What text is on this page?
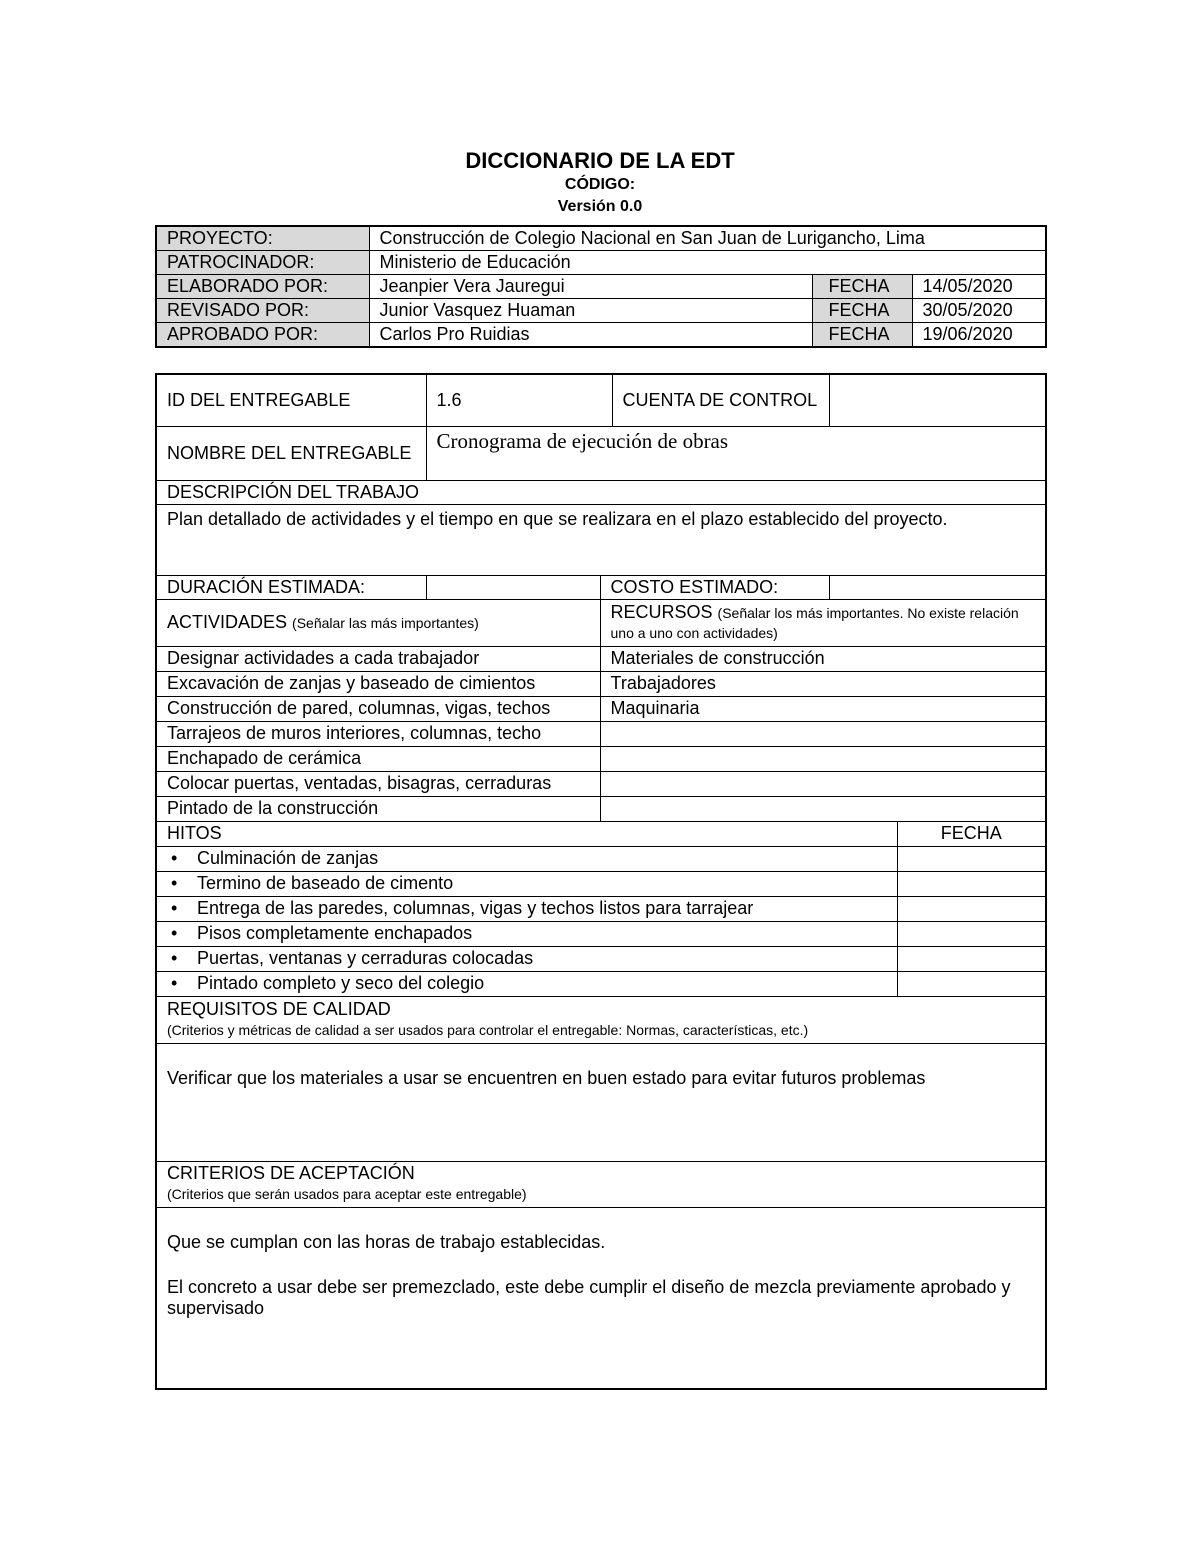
DICCIONARIO DE LA EDT
CÓDIGO:
Versión 0.0
PROYECTO:	Construcción de Colegio Nacional en San Juan de Lurigancho, Lima		
PATROCINADOR:	Ministerio de Educación		
ELABORADO POR:	Jeanpier Vera Jauregui	FECHA	14/05/2020
REVISADO POR:	Junior Vasquez Huaman	FECHA	30/05/2020
APROBADO POR:	Carlos Pro Ruidias	FECHA	19/06/2020
ID DEL ENTREGABLE	1.6		CUENTA DE CONTROL		
NOMBRE DEL ENTREGABLE	Cronograma de ejecución de obras				
DESCRIPCIÓN DEL TRABAJO					
Plan detallado de actividades y el tiempo en que se realizara en el plazo establecido del proyecto.					
DURACIÓN ESTIMADA:		COSTO ESTIMADO:			
ACTIVIDADES (Señalar las más importantes)		RECURSOS (Señalar los más importantes. No existe relación uno a uno con actividades)			
Designar actividades a cada trabajador		Materiales de construcción			
Excavación de zanjas y baseado de cimientos		Trabajadores			
Construcción de pared, columnas, vigas, techos		Maquinaria			
Tarrajeos de muros interiores, columnas, techo					
Enchapado de cerámica					
Colocar puertas, ventadas, bisagras, cerraduras					
Pintado de la construcción					
HITOS					FECHA
• Culminación de zanjas	
• Termino de baseado de cimento	
• Entrega de las paredes, columnas, vigas y techos listos para tarrajear	
• Pisos completamente enchapados	
• Puertas, ventanas y cerraduras colocadas	
• Pintado completo y seco del colegio	

REQUISITOS DE CALIDAD
(Criterios y métricas de calidad a ser usados para controlar el entregable: Normas, características, etc.)					

Verificar que los materiales a usar se encuentren en buen estado para evitar futuros problemas					

CRITERIOS DE ACEPTACIÓN
(Criterios que serán usados para aceptar este entregable)					

Que se cumplan con las horas de trabajo establecidas.
El concreto a usar debe ser premezclado, este debe cumplir el diseño de mezcla previamente aprobado y supervisado					
